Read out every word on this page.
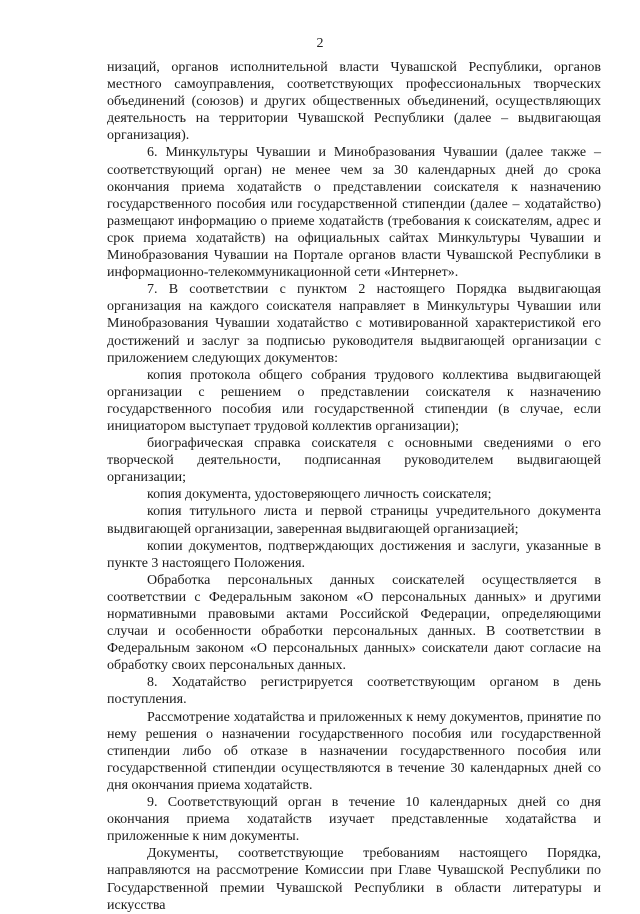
2

низаций, органов исполнительной власти Чувашской Республики, органов местного самоуправления, соответствующих профессиональных творческих объединений (союзов) и других общественных объединений, осуществляющих деятельность на территории Чувашской Республики (далее – выдвигающая организация).

6. Минкультуры Чувашии и Минобразования Чувашии (далее также – соответствующий орган) не менее чем за 30 календарных дней до срока окончания приема ходатайств о представлении соискателя к назначению государственного пособия или государственной стипендии (далее – ходатайство) размещают информацию о приеме ходатайств (требования к соискателям, адрес и срок приема ходатайств) на официальных сайтах Минкультуры Чувашии и Минобразования Чувашии на Портале органов власти Чувашской Республики в информационно-телекоммуникационной сети «Интернет».

7. В соответствии с пунктом 2 настоящего Порядка выдвигающая организация на каждого соискателя направляет в Минкультуры Чувашии или Минобразования Чувашии ходатайство с мотивированной характеристикой его достижений и заслуг за подписью руководителя выдвигающей организации с приложением следующих документов:

копия протокола общего собрания трудового коллектива выдвигающей организации с решением о представлении соискателя к назначению государственного пособия или государственной стипендии (в случае, если инициатором выступает трудовой коллектив организации);

биографическая справка соискателя с основными сведениями о его творческой деятельности, подписанная руководителем выдвигающей организации;

копия документа, удостоверяющего личность соискателя;

копия титульного листа и первой страницы учредительного документа выдвигающей организации, заверенная выдвигающей организацией;

копии документов, подтверждающих достижения и заслуги, указанные в пункте 3 настоящего Положения.

Обработка персональных данных соискателей осуществляется в соответствии с Федеральным законом «О персональных данных» и другими нормативными правовыми актами Российской Федерации, определяющими случаи и особенности обработки персональных данных. В соответствии в Федеральным законом «О персональных данных» соискатели дают согласие на обработку своих персональных данных.

8. Ходатайство регистрируется соответствующим органом в день поступления.

Рассмотрение ходатайства и приложенных к нему документов, принятие по нему решения о назначении государственного пособия или государственной стипендии либо об отказе в назначении государственного пособия или государственной стипендии осуществляются в течение 30 календарных дней со дня окончания приема ходатайств.

9. Соответствующий орган в течение 10 календарных дней со дня окончания приема ходатайств изучает представленные ходатайства и приложенные к ним документы.

Документы, соответствующие требованиям настоящего Порядка, направляются на рассмотрение Комиссии при Главе Чувашской Республики по Государственной премии Чувашской Республики в области литературы и искусства
